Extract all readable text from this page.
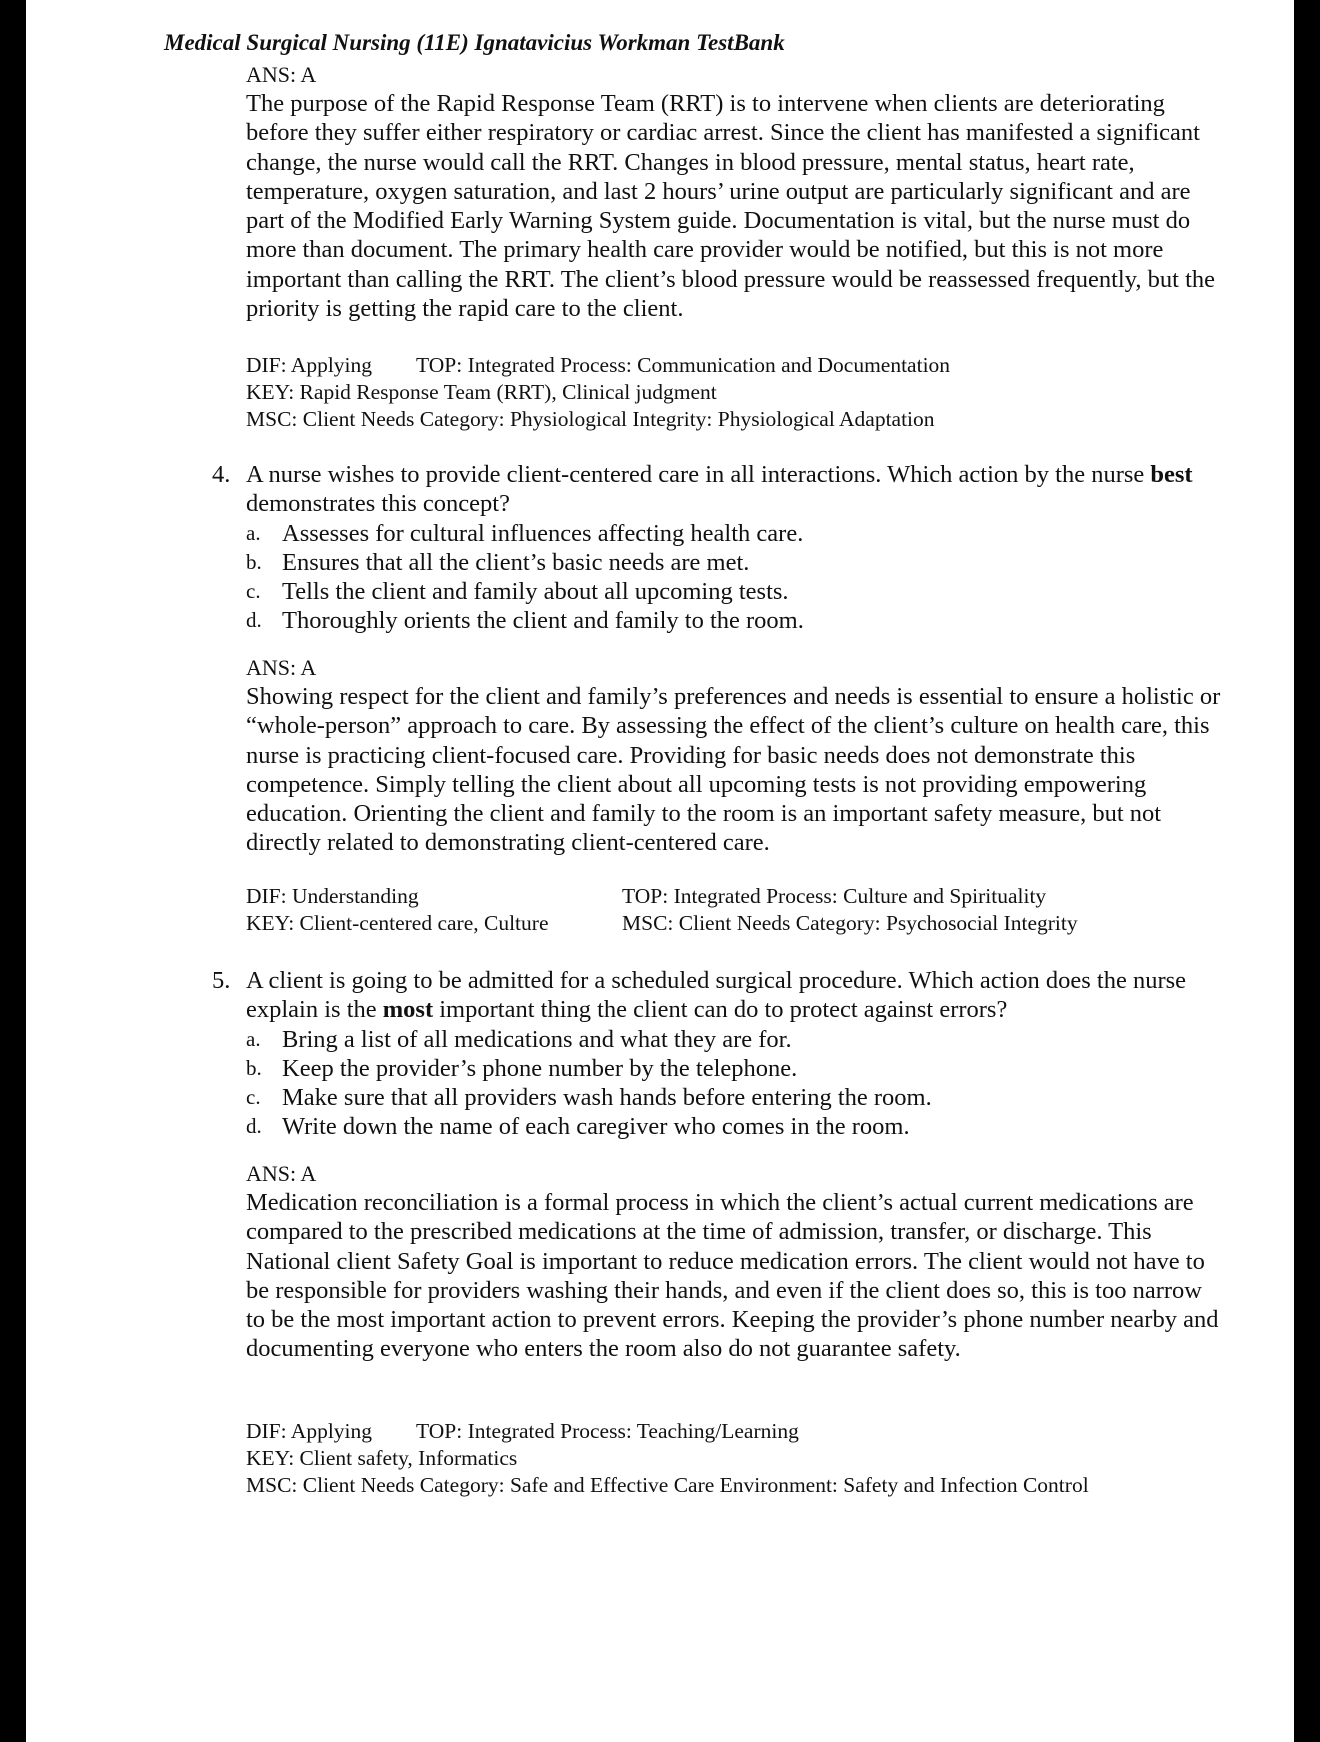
Medical Surgical Nursing (11E) Ignatavicius Workman TestBank

ANS: A

The purpose of the Rapid Response Team (RRT) is to intervene when clients are deteriorating before they suffer either respiratory or cardiac arrest. Since the client has manifested a significant change, the nurse would call the RRT. Changes in blood pressure, mental status, heart rate, temperature, oxygen saturation, and last 2 hours’ urine output are particularly significant and are part of the Modified Early Warning System guide. Documentation is vital, but the nurse must do more than document. The primary health care provider would be notified, but this is not more important than calling the RRT. The client’s blood pressure would be reassessed frequently, but the priority is getting the rapid care to the client.

DIF: Applying TOP: Integrated Process: Communication and Documentation
KEY: Rapid Response Team (RRT), Clinical judgment
MSC: Client Needs Category: Physiological Integrity: Physiological Adaptation
4. A nurse wishes to provide client-centered care in all interactions. Which action by the nurse best demonstrates this concept?

a. Assesses for cultural influences affecting health care.
b. Ensures that all the client’s basic needs are met.
c. Tells the client and family about all upcoming tests.
d. Thoroughly orients the client and family to the room.
ANS: A

Showing respect for the client and family’s preferences and needs is essential to ensure a holistic or “whole-person” approach to care. By assessing the effect of the client’s culture on health care, this nurse is practicing client-focused care. Providing for basic needs does not demonstrate this competence. Simply telling the client about all upcoming tests is not providing empowering education. Orienting the client and family to the room is an important safety measure, but not directly related to demonstrating client-centered care.

DIF: Understanding
KEY: Client-centered care, Culture
TOP: Integrated Process: Culture and Spirituality
MSC: Client Needs Category: Psychosocial Integrity
5. A client is going to be admitted for a scheduled surgical procedure. Which action does the nurse explain is the most important thing the client can do to protect against errors?

a. Bring a list of all medications and what they are for.
b. Keep the provider’s phone number by the telephone.
c. Make sure that all providers wash hands before entering the room.
d. Write down the name of each caregiver who comes in the room.
ANS: A

Medication reconciliation is a formal process in which the client’s actual current medications are compared to the prescribed medications at the time of admission, transfer, or discharge. This National client Safety Goal is important to reduce medication errors. The client would not have to be responsible for providers washing their hands, and even if the client does so, this is too narrow to be the most important action to prevent errors. Keeping the provider’s phone number nearby and documenting everyone who enters the room also do not guarantee safety.

DIF: Applying TOP: Integrated Process: Teaching/Learning
KEY: Client safety, Informatics
MSC: Client Needs Category: Safe and Effective Care Environment: Safety and Infection Control
